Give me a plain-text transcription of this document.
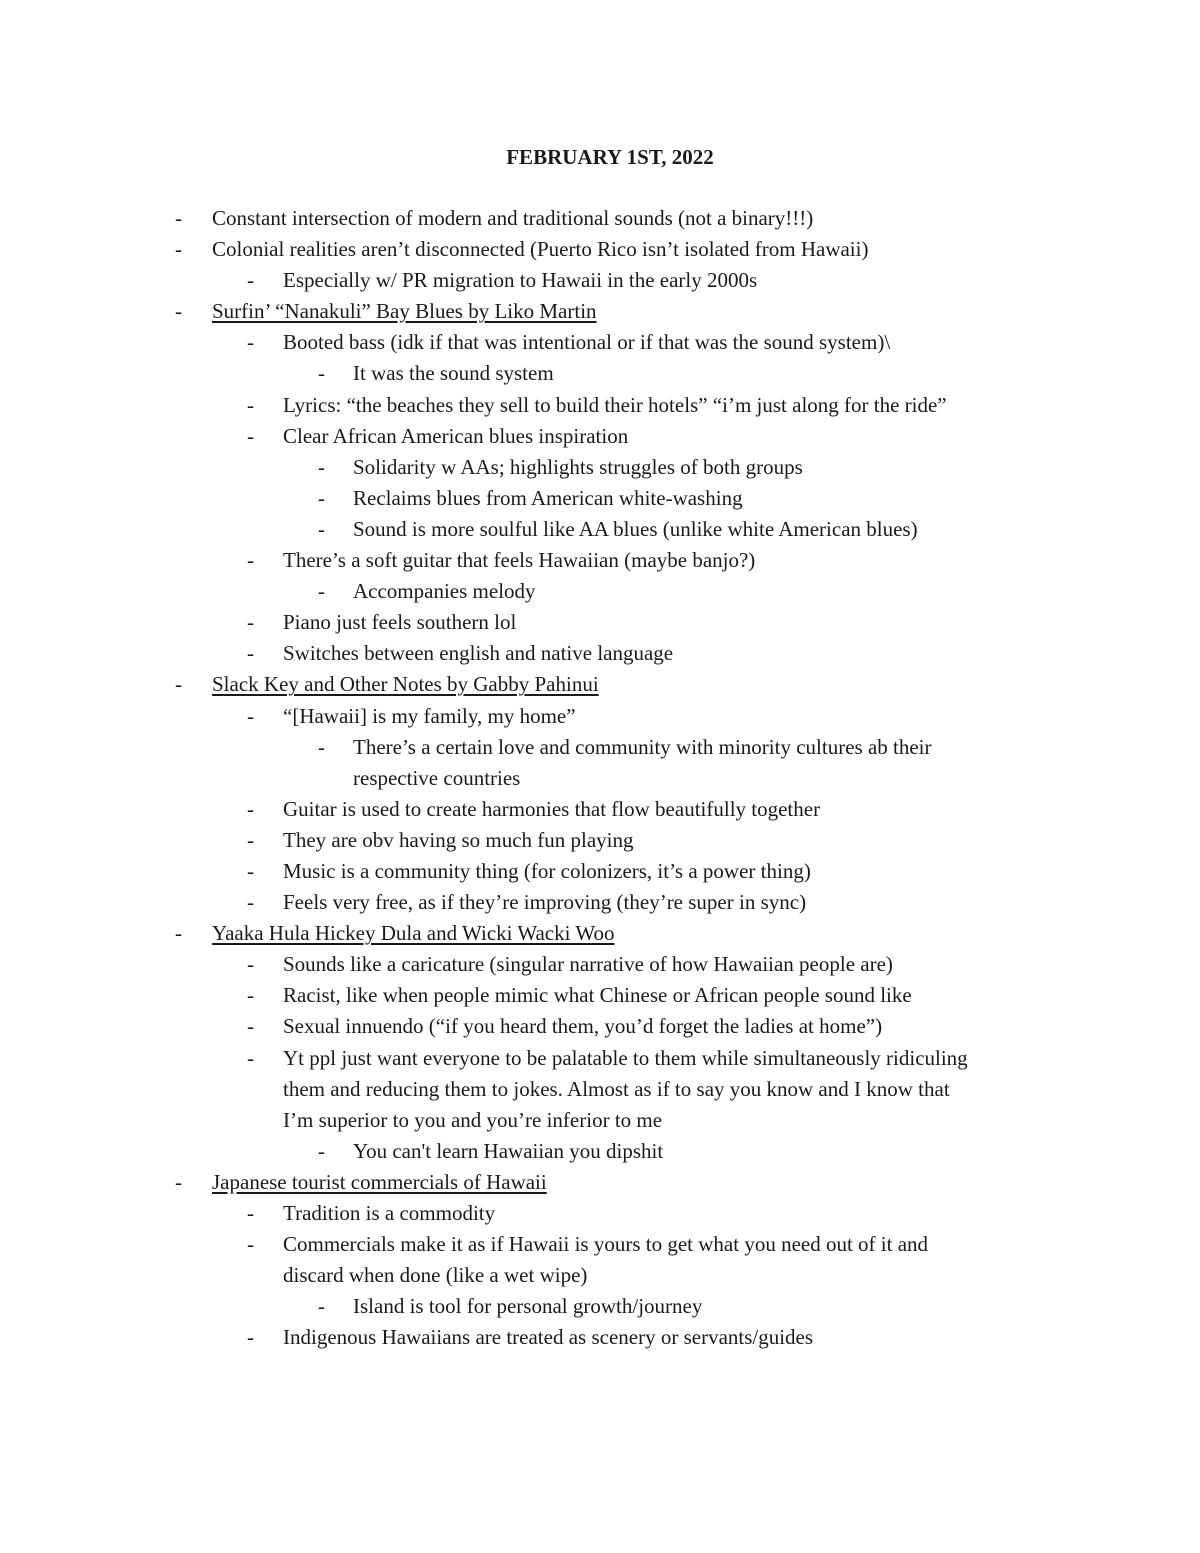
FEBRUARY 1ST, 2022
- Constant intersection of modern and traditional sounds (not a binary!!!)
- Colonial realities aren’t disconnected (Puerto Rico isn’t isolated from Hawaii)
- Especially w/ PR migration to Hawaii in the early 2000s
- Surfin’ “Nanakuli” Bay Blues by Liko Martin
- Booted bass (idk if that was intentional or if that was the sound system)\
- It was the sound system
- Lyrics: “the beaches they sell to build their hotels” “i’m just along for the ride”
- Clear African American blues inspiration
- Solidarity w AAs; highlights struggles of both groups
- Reclaims blues from American white-washing
- Sound is more soulful like AA blues (unlike white American blues)
- There’s a soft guitar that feels Hawaiian (maybe banjo?)
- Accompanies melody
- Piano just feels southern lol
- Switches between english and native language
- Slack Key and Other Notes by Gabby Pahinui
- “[Hawaii] is my family, my home”
- There’s a certain love and community with minority cultures ab their
respective countries
- Guitar is used to create harmonies that flow beautifully together
- They are obv having so much fun playing
- Music is a community thing (for colonizers, it’s a power thing)
- Feels very free, as if they’re improving (they’re super in sync)
- Yaaka Hula Hickey Dula and Wicki Wacki Woo
- Sounds like a caricature (singular narrative of how Hawaiian people are)
- Racist, like when people mimic what Chinese or African people sound like
- Sexual innuendo (“if you heard them, you’d forget the ladies at home”)
- Yt ppl just want everyone to be palatable to them while simultaneously ridiculing
them and reducing them to jokes. Almost as if to say you know and I know that
I’m superior to you and you’re inferior to me
- You can't learn Hawaiian you dipshit
- Japanese tourist commercials of Hawaii
- Tradition is a commodity
- Commercials make it as if Hawaii is yours to get what you need out of it and
discard when done (like a wet wipe)
- Island is tool for personal growth/journey
- Indigenous Hawaiians are treated as scenery or servants/guides
